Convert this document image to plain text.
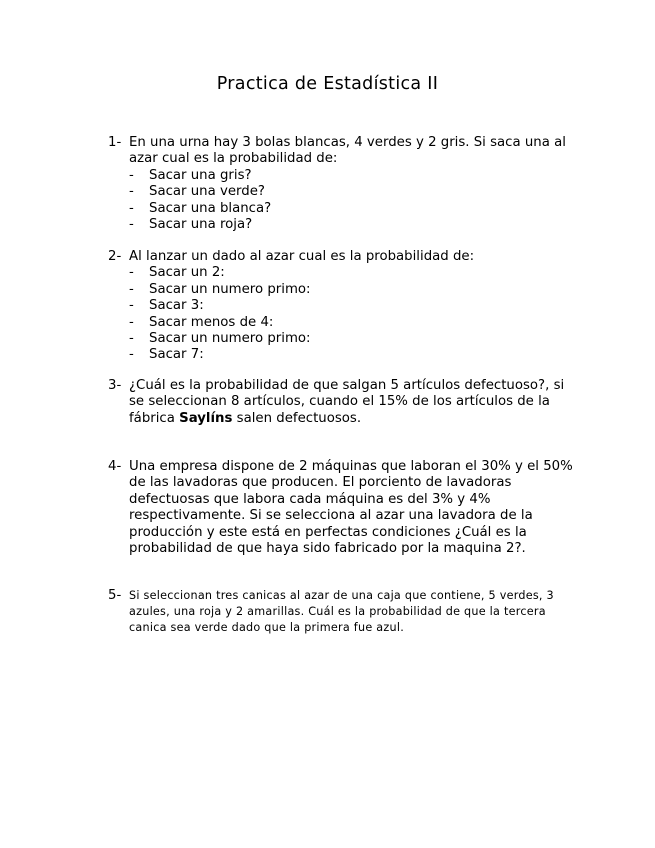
Practica de Estadística II
1- En una urna hay 3 bolas blancas, 4 verdes y 2 gris. Si saca una al azar cual es la probabilidad de:
- Sacar una gris?
- Sacar una verde?
- Sacar una blanca?
- Sacar una roja?
2- Al lanzar un dado al azar cual es la probabilidad de:
- Sacar un 2:
- Sacar un numero primo:
- Sacar 3:
- Sacar menos de 4:
- Sacar un numero primo:
- Sacar 7:
3- ¿Cuál es la probabilidad de que salgan 5 artículos defectuoso?, si se seleccionan 8 artículos, cuando el 15% de los artículos de la fábrica Saylíns salen defectuosos.
4- Una empresa dispone de 2 máquinas que laboran el 30% y el 50% de las lavadoras que producen. El porciento de lavadoras defectuosas que labora cada máquina es del 3% y 4% respectivamente. Si se selecciona al azar una lavadora de la producción y este está en perfectas condiciones ¿Cuál es la probabilidad de que haya sido fabricado por la maquina 2?.
5- Si seleccionan tres canicas al azar de una caja que contiene, 5 verdes, 3 azules, una roja y 2 amarillas. Cuál es la probabilidad de que la tercera canica sea verde dado que la primera fue azul.
